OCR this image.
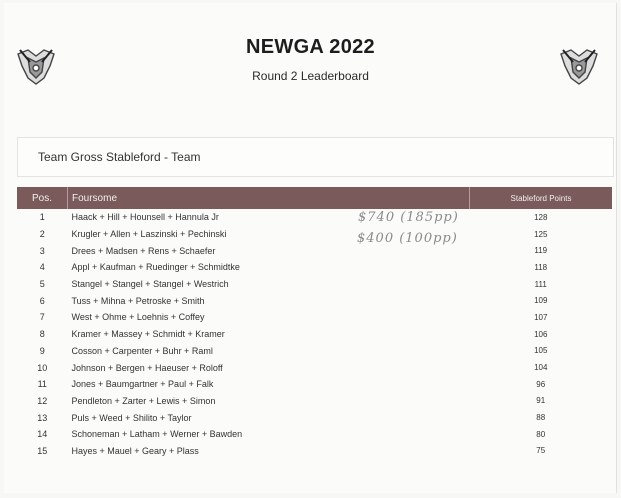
NEWGA 2022
Round 2 Leaderboard
Team Gross Stableford - Team
Pos.	Foursome	Stableford Points
1	Haack + Hill + Hounsell + Hannula Jr	128
2	Krugler + Allen + Laszinski + Pechinski	125
3	Drees + Madsen + Rens + Schaefer	119
4	Appl + Kaufman + Ruedinger + Schmidtke	118
5	Stangel + Stangel + Stangel + Westrich	111
6	Tuss + Mihna + Petroske + Smith	109
7	West + Ohme + Loehnis + Coffey	107
8	Kramer + Massey + Schmidt + Kramer	106
9	Cosson + Carpenter + Buhr + Raml	105
10	Johnson + Bergen + Haeuser + Roloff	104
11	Jones + Baumgartner + Paul + Falk	96
12	Pendleton + Zarter + Lewis + Simon	91
13	Puls + Weed + Shilito + Taylor	88
14	Schoneman + Latham + Werner + Bawden	80
15	Hayes + Mauel + Geary + Plass	75
$740 (185pp)
$400 (100pp)
